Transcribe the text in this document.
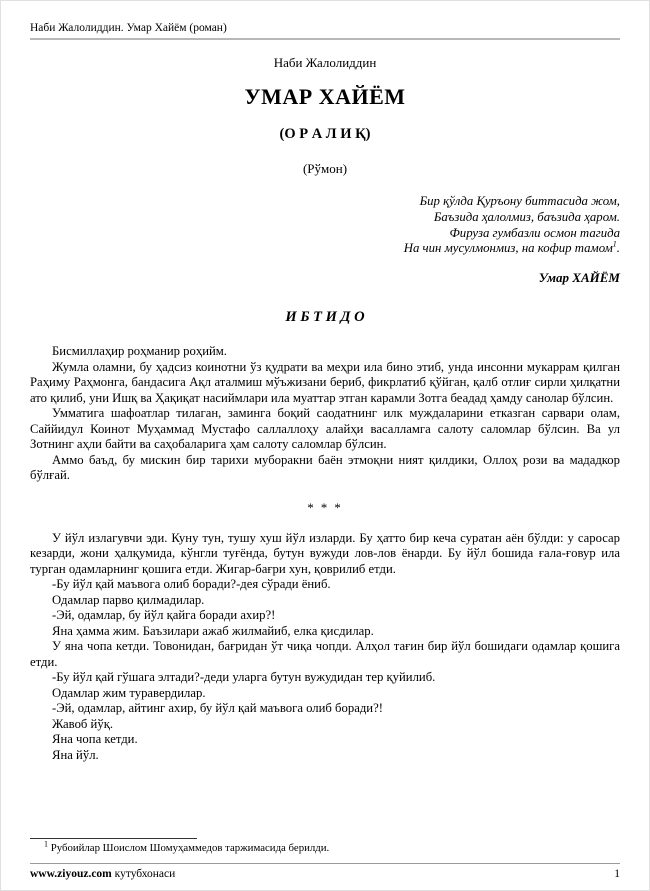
Наби Жалолиддин. Умар Хайём (роман)
Наби Жалолиддин
УМАР ХАЙЁМ
(О Р А Л И Қ)
(Рўмон)
Бир қўлда Қуръону биттасида жом,
Баъзида ҳалолмиз, баъзида ҳаром.
Фируза гумбазли осмон тагида
На чин мусулмонмиз, на кофир тамом$^1$.
Умар ХАЙЁМ
И Б Т И Д О

Бисмиллаҳир роҳманир роҳийм.

Жумла оламни, бу ҳадсиз коинотни ўз қудрати ва меҳри ила бино этиб, унда инсонни мукаррам қилган Раҳиму Раҳмонга, бандасига Ақл аталмиш мўъжизани бериб, фикрлатиб қўйган, қалб отлиғ сирли ҳилқатни ато қилиб, уни Ишқ ва Ҳақиқат насиймлари ила муаттар этган карамли Зотга беадад ҳамду санолар бўлсин.

Умматига шафоатлар тилаган, заминга боқий саодатнинг илк муждаларини етказган сарвари олам, Саййидул Коинот Муҳаммад Мустафо саллаллоҳу алайҳи васалламга салоту саломлар бўлсин. Ва ул Зотнинг аҳли байти ва саҳобаларига ҳам салоту саломлар бўлсин.

Аммо баъд, бу мискин бир тарихи муборакни баён этмоқни ният қилдики, Оллоҳ рози ва мададкор бўлғай.

* * *

У йўл излагувчи эди. Куну тун, тушу хуш йўл изларди. Бу ҳатто бир кеча суратан аён бўлди: у саросар кезарди, жони ҳалқумида, кўнгли туғёнда, бутун вужуди лов-лов ёнарди. Бу йўл бошида ғала-ғовур ила турган одамларнинг қошига етди. Жигар-бағри хун, қоврилиб етди.

-Бу йўл қай маъвога олиб боради?-дея сўради ёниб.

Одамлар парво қилмадилар.

-Эй, одамлар, бу йўл қайга боради ахир?!

Яна ҳамма жим. Баъзилари ажаб жилмайиб, елка қисдилар.

У яна чопа кетди. Товонидан, бағридан ўт чиқа чопди. Алҳол тағин бир йўл бошидаги одамлар қошига етди.

-Бу йўл қай гўшага элтади?-деди уларга бутун вужудидан тер қуйилиб.

Одамлар жим туравердилар.

-Эй, одамлар, айтинг ахир, бу йўл қай маъвога олиб боради?!

Жавоб йўқ.

Яна чопа кетди.

Яна йўл.

$^1$ Рубоийлар Шоислом Шомуҳаммедов таржимасида берилди.
www.ziyouz.com кутубхонаси	1
